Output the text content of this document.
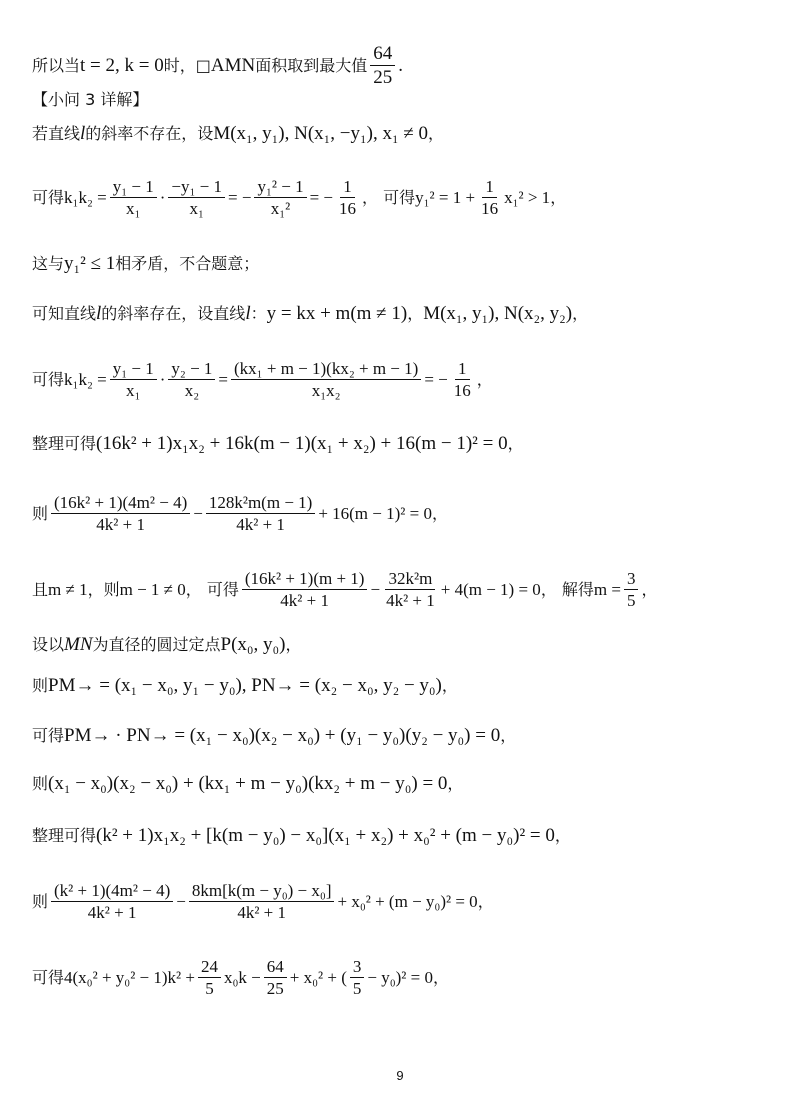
所以当 t = 2, k = 0 时， □ AMN 面积取到最大值 $\frac{64}{25}$ .
【小问 3 详解】
若直线 l 的斜率不存在，设 M(x₁, y₁), N(x₁, −y₁), x₁ ≠ 0 ，
可得 $k_1k_2 = \frac{\text{y₁ − 1}}{\text{x₁}} \cdot \frac{\text{−y₁ − 1}}{\text{x₁}}$ = − $\frac{\text{y₁² − 1}}{\text{x₁²}}$ = − $\frac{1}{16}$ ， 可得 $y_1^2 = 1 + \frac{1}{16} x_1^2 > 1$ ，
这与 y₁² ≤ 1 相矛盾，不合题意；
可知直线 l 的斜率存在，设直线 l ： y = kx + m(m ≠ 1) ， M(x₁, y₁), N(x₂, y₂) ，
可得 $k_1k_2 = \frac{\text{y₁ − 1}}{\text{x₁}} \cdot \frac{\text{y₂ − 1}}{\text{x₂}} = \frac{\text{(kx₁ + m − 1)(kx₂ + m − 1)}}{\text{x₁x₂}}$ = − $\frac{1}{16}$ ，
整理可得 (16k² + 1)x₁x₂ + 16k(m − 1)(x₁ + x₂) + 16(m − 1)² = 0 ，
则 $\frac{\text{(16k² + 1)(4m² − 4)}}{\text{4k² + 1}} - \frac{\text{128k²m(m − 1)}}{\text{4k² + 1}} + 16(m - 1)^2 = 0$ ，
且 m ≠ 1 ，则 m − 1 ≠ 0 ， 可得 $\frac{\text{(16k² + 1)(m + 1)}}{\text{4k² + 1}} - \frac{\text{32k²m}}{\text{4k² + 1}} + 4(m - 1) = 0$ ， 解得 $m = \frac{3}{5}$ ，
设以 MN 为直径的圆过定点 P(x₀, y₀) ，
则 PM→ = (x₁ − x₀, y₁ − y₀), PN→ = (x₂ − x₀, y₂ − y₀) ，
可得 PM→ · PN→ = (x₁ − x₀)(x₂ − x₀) + (y₁ − y₀)(y₂ − y₀) = 0 ，
则 (x₁ − x₀)(x₂ − x₀) + (kx₁ + m − y₀)(kx₂ + m − y₀) = 0 ，
整理可得 (k² + 1)x₁x₂ + [k(m − y₀) − x₀](x₁ + x₂) + x₀² + (m − y₀)² = 0 ，
则 $\frac{\text{(k² + 1)(4m² − 4)}}{\text{4k² + 1}} - \frac{\text{8km[k(m − y₀) − x₀]}}{\text{4k² + 1}} + x_0^2 + (m - y_0)^2 = 0$ ，
可得 $4(x_0^2 + y_0^2 - 1)k^2 + \frac{24}{5} x_0k - \frac{64}{25} + x_0^2$ + ( $\frac{3}{5} - y_0)^2 = 0$ ，
9
